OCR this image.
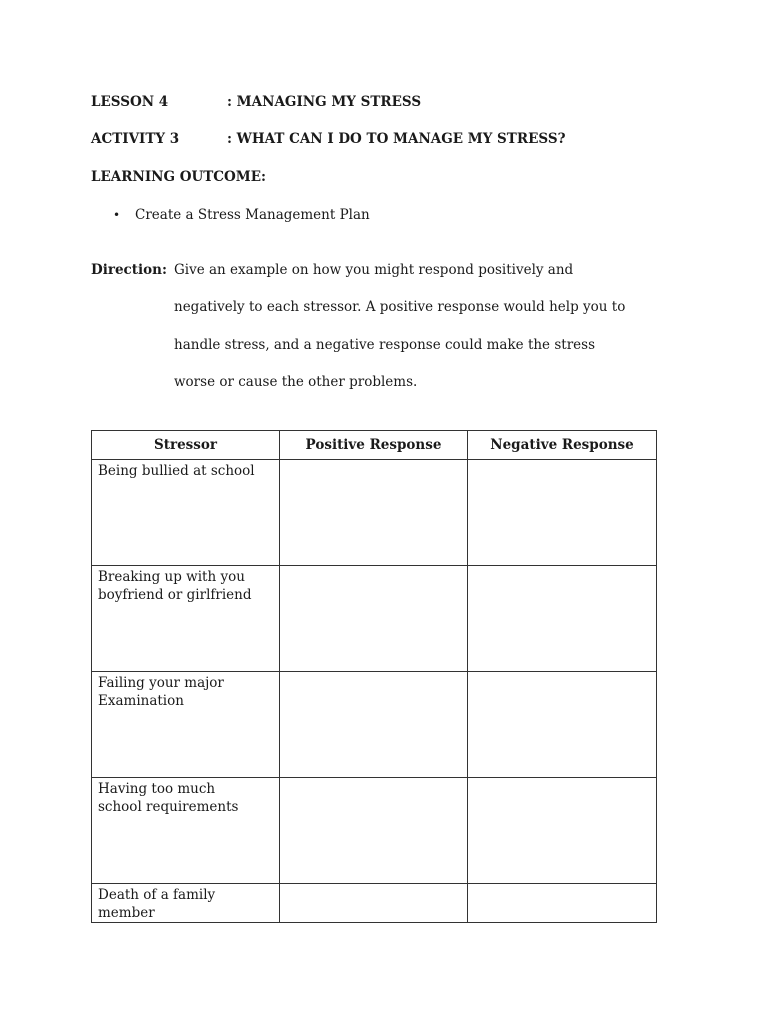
LESSON 4	: MANAGING MY STRESS
ACTIVITY 3	: WHAT CAN I DO TO MANAGE MY STRESS?
LEARNING OUTCOME:
• Create a Stress Management Plan
Direction: Give an example on how you might respond positively and
negatively to each stressor. A positive response would help you to
handle stress, and a negative response could make the stress
worse or cause the other problems.
Stressor	Positive Response	Negative Response

Being bullied at school		

Breaking up with you
boyfriend or girlfriend		

Failing your major
Examination		

Having too much
school requirements		

Death of a family
member		
